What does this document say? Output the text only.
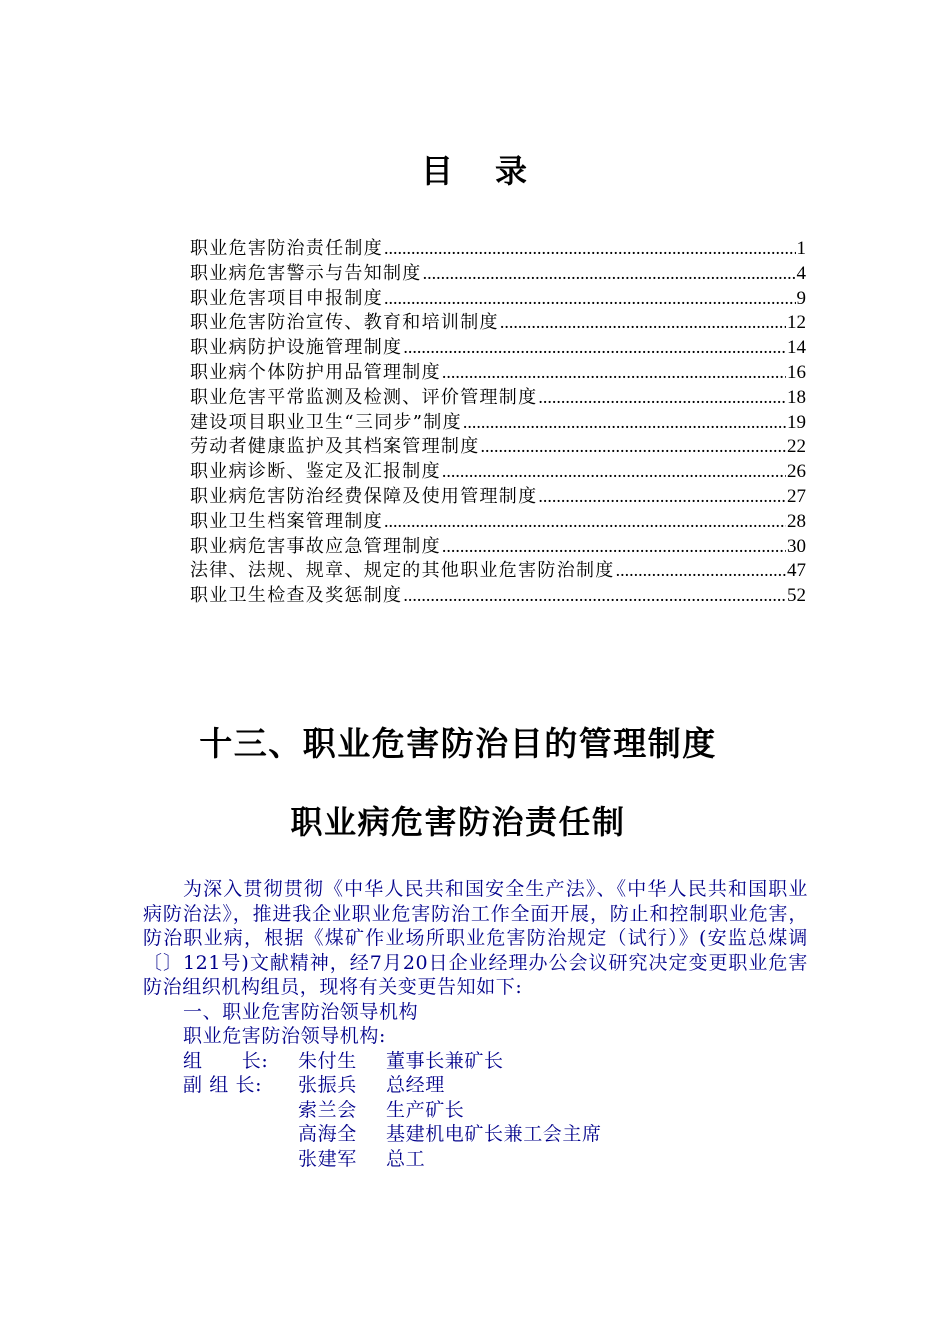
目 录
职业危害防治责任制度 .....	1
职业病危害警示与告知制度 .....	4
职业危害项目申报制度 .....	9
职业危害防治宣传、教育和培训制度 .....	12
职业病防护设施管理制度 .....	14
职业病个体防护用品管理制度 .....	16
职业危害平常监测及检测、评价管理制度 .....	18
建设项目职业卫生“三同步”制度 .....	19
劳动者健康监护及其档案管理制度 .....	22
职业病诊断、鉴定及汇报制度 .....	26
职业病危害防治经费保障及使用管理制度 .....	27
职业卫生档案管理制度 .....	28
职业病危害事故应急管理制度 .....	30
法律、法规、规章、规定的其他职业危害防治制度 .....	47
职业卫生检查及奖惩制度 .....	52
十三、职业危害防治目的管理制度
职业病危害防治责任制
为深入贯彻贯彻《中华人民共和国安全生产法》、《中华人民共和国职业病防治法》，推进我企业职业危害防治工作全面开展，防止和控制职业危害，防治职业病，根据《煤矿作业场所职业危害防治规定（试行）》(安监总煤调〔〕121号)文献精神，经7月20日企业经理办公会议研究决定变更职业危害防治组织机构组员，现将有关变更告知如下:
一、职业危害防治领导机构
职业危害防治领导机构:
组　　长:	朱付生	董事长兼矿长
副 组 长:	张振兵	总经理
索兰会	生产矿长
高海全	基建机电矿长兼工会主席
张建军	总工
